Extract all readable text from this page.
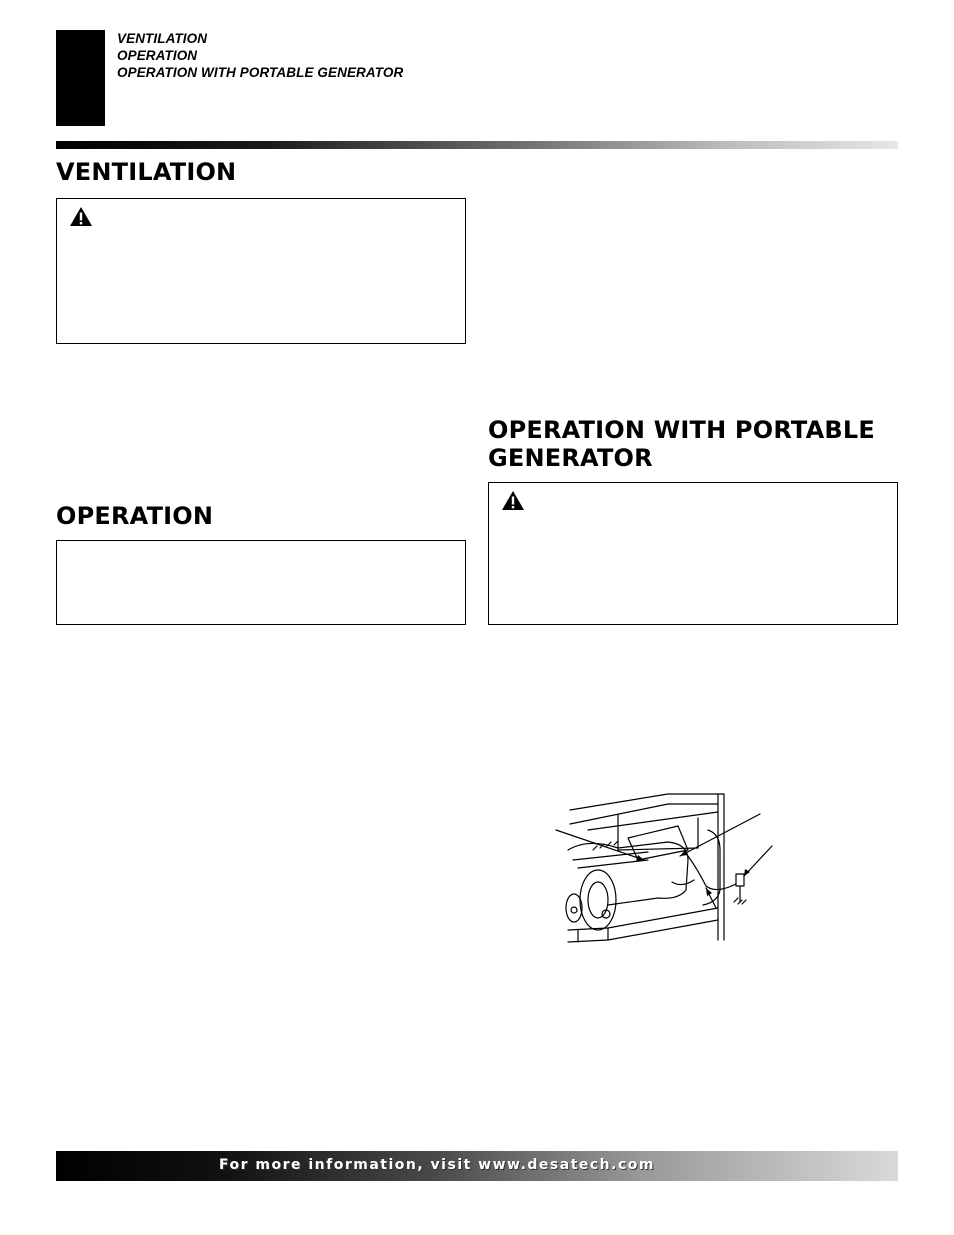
VENTILATION
OPERATION
OPERATION WITH PORTABLE GENERATOR
VENTILATION
OPERATION
OPERATION WITH PORTABLE
GENERATOR
For more information, visit www.desatech.com
